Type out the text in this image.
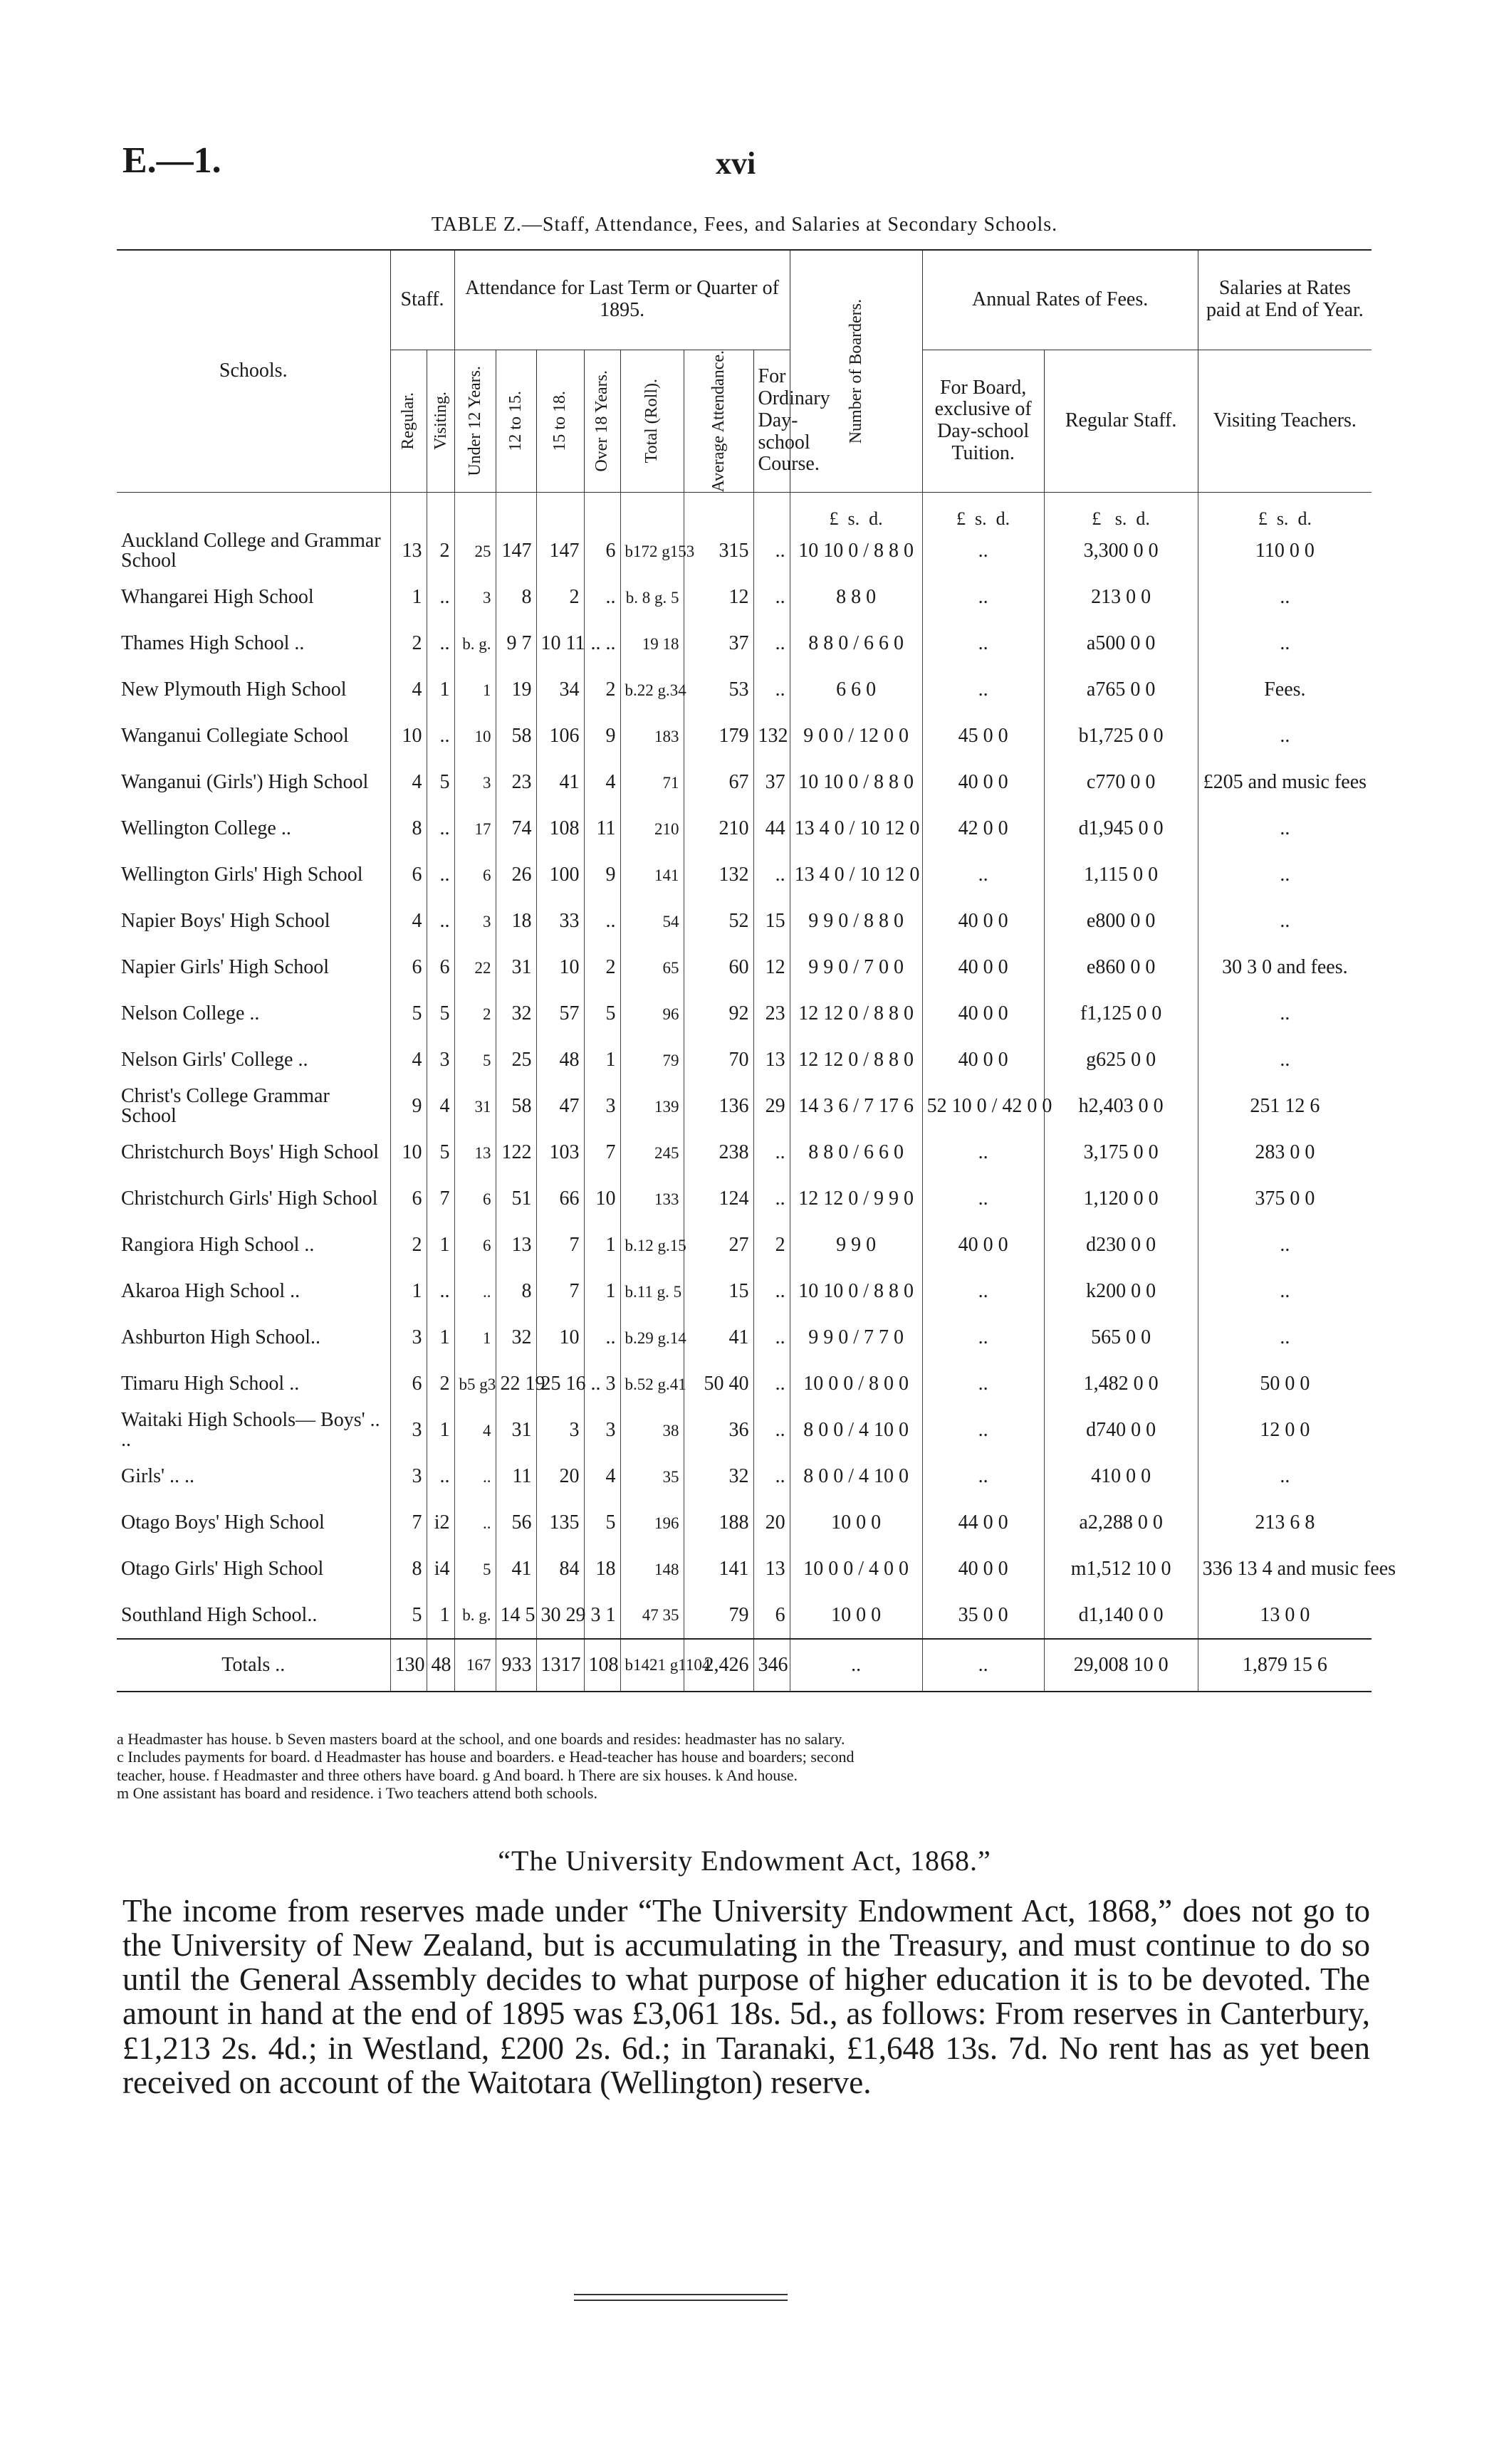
E.—1.	xvi
TABLE Z.—Staff, Attendance, Fees, and Salaries at Secondary Schools.
Schools.	Staff.		Attendance for Last Term or Quarter of 1895.							Number of Boarders.	Annual Rates of Fees.		Salaries at Rates paid at End of Year.

	Regular.	Visiting.	Under 12 Years.	12 to 15.	15 to 18.	Over 18 Years.	Total (Roll).	Average Attendance.	For Ordinary Day-school Course.		For Board, exclusive of Day-school Tuition.	Regular Staff.	Visiting Teachers.
										£ s. d.	£ s. d.	£ s. d.	£ s. d.
Auckland College and Grammar School	13	2	25	147	147	6	b172 g153	315	..	10 10 0 / 8 8 0	..	3,300 0 0	110 0 0
Whangarei High School	1	..	3	8	2	..	b. 8 g. 5	12	..	8 8 0	..	213 0 0	..
Thames High School ..	2	..	b. g.	9 7	10 11	.. ..	19 18	37	..	8 8 0 / 6 6 0	..	a500 0 0	..
New Plymouth High School	4	1	1	19	34	2	b.22 g.34	53	..	6 6 0	..	a765 0 0	Fees.
Wanganui Collegiate School	10	..	10	58	106	9	183	179	132	9 0 0 / 12 0 0	45 0 0	b1,725 0 0	..
Wanganui (Girls') High School	4	5	3	23	41	4	71	67	37	10 10 0 / 8 8 0	40 0 0	c770 0 0	£205 and music fees
Wellington College ..	8	..	17	74	108	11	210	210	44	13 4 0 / 10 12 0	42 0 0	d1,945 0 0	..
Wellington Girls' High School	6	..	6	26	100	9	141	132	..	13 4 0 / 10 12 0	..	1,115 0 0	..
Napier Boys' High School	4	..	3	18	33	..	54	52	15	9 9 0 / 8 8 0	40 0 0	e800 0 0	..
Napier Girls' High School	6	6	22	31	10	2	65	60	12	9 9 0 / 7 0 0	40 0 0	e860 0 0	30 3 0 and fees.
Nelson College ..	5	5	2	32	57	5	96	92	23	12 12 0 / 8 8 0	40 0 0	f1,125 0 0	..
Nelson Girls' College ..	4	3	5	25	48	1	79	70	13	12 12 0 / 8 8 0	40 0 0	g625 0 0	..
Christ's College Grammar School	9	4	31	58	47	3	139	136	29	14 3 6 / 7 17 6	52 10 0 / 42 0 0	h2,403 0 0	251 12 6
Christchurch Boys' High School	10	5	13	122	103	7	245	238	..	8 8 0 / 6 6 0	..	3,175 0 0	283 0 0
Christchurch Girls' High School	6	7	6	51	66	10	133	124	..	12 12 0 / 9 9 0	..	1,120 0 0	375 0 0
Rangiora High School ..	2	1	6	13	7	1	b.12 g.15	27	2	9 9 0	40 0 0	d230 0 0	..
Akaroa High School ..	1	..	..	8	7	1	b.11 g. 5	15	..	10 10 0 / 8 8 0	..	k200 0 0	..
Ashburton High School..	3	1	1	32	10	..	b.29 g.14	41	..	9 9 0 / 7 7 0	..	565 0 0	..
Timaru High School ..	6	2	b5 g3	22 19	25 16	.. 3	b.52 g.41	50 40	..	10 0 0 / 8 0 0	..	1,482 0 0	50 0 0
Waitaki High Schools— Boys' .. ..	3	1	4	31	3	3	38	36	..	8 0 0 / 4 10 0	..	d740 0 0	12 0 0
Girls' .. ..	3	..	..	11	20	4	35	32	..	8 0 0 / 4 10 0	..	410 0 0	..
Otago Boys' High School	7	i2	..	56	135	5	196	188	20	10 0 0	44 0 0	a2,288 0 0	213 6 8
Otago Girls' High School	8	i4	5	41	84	18	148	141	13	10 0 0 / 4 0 0	40 0 0	m1,512 10 0	336 13 4 and music fees
Southland High School..	5	1	b. g.	14 5	30 29	3 1	47 35	79	6	10 0 0	35 0 0	d1,140 0 0	13 0 0
Totals ..	130	48	167	933	1317	108	b1421 g1104	2,426	346	..	..	29,008 10 0	1,879 15 6
a Headmaster has house. b Seven masters board at the school, and one boards and resides: headmaster has no salary.
c Includes payments for board. d Headmaster has house and boarders. e Head-teacher has house and boarders; second
teacher, house. f Headmaster and three others have board. g And board. h There are six houses. k And house.
m One assistant has board and residence. i Two teachers attend both schools.
“The University Endowment Act, 1868.”
The income from reserves made under “The University Endowment Act, 1868,” does not go to the University of New Zealand, but is accumulating in the Treasury, and must continue to do so until the General Assembly decides to what purpose of higher education it is to be devoted. The amount in hand at the end of 1895 was £3,061 18s. 5d., as follows: From reserves in Canterbury, £1,213 2s. 4d.; in Westland, £200 2s. 6d.; in Taranaki, £1,648 13s. 7d. No rent has as yet been received on account of the Waitotara (Wellington) reserve.
